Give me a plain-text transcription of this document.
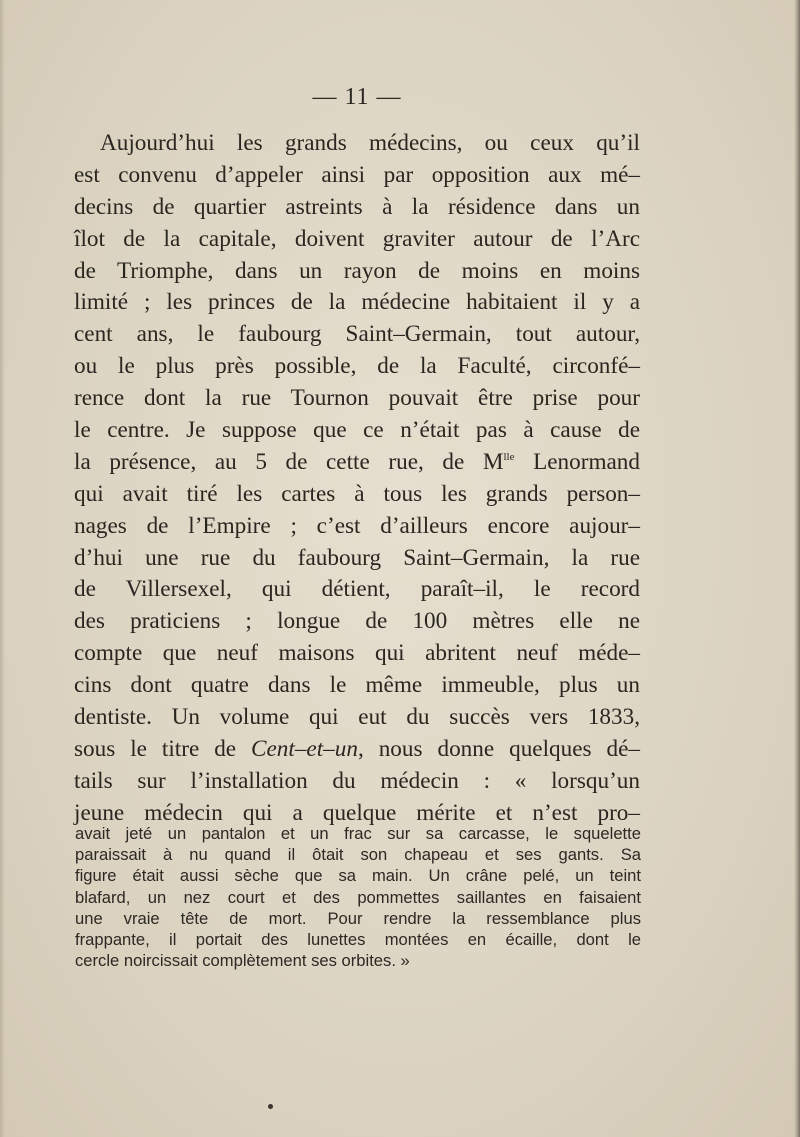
— 11 —
Aujourd’hui les grands médecins, ou ceux qu’il
est convenu d’appeler ainsi par opposition aux mé–
decins de quartier astreints à la résidence dans un
îlot de la capitale, doivent graviter autour de l’Arc
de Triomphe, dans un rayon de moins en moins
limité ; les princes de la médecine habitaient il y a
cent ans, le faubourg Saint–Germain, tout autour,
ou le plus près possible, de la Faculté, circonfé–
rence dont la rue Tournon pouvait être prise pour
le centre. Je suppose que ce n’était pas à cause de
la présence, au 5 de cette rue, de $M^{lle}$ Lenormand
qui avait tiré les cartes à tous les grands person–
nages de l’Empire ; c’est d’ailleurs encore aujour–
d’hui une rue du faubourg Saint–Germain, la rue
de Villersexel, qui détient, paraît–il, le record
des praticiens ; longue de 100 mètres elle ne
compte que neuf maisons qui abritent neuf méde–
cins dont quatre dans le même immeuble, plus un
dentiste. Un volume qui eut du succès vers 1833,
sous le titre de Cent–et–un, nous donne quelques dé–
tails sur l’installation du médecin : « lorsqu’un
jeune médecin qui a quelque mérite et n’est pro–
avait jeté un pantalon et un frac sur sa carcasse, le squelette
paraissait à nu quand il ôtait son chapeau et ses gants. Sa
figure était aussi sèche que sa main. Un crâne pelé, un teint
blafard, un nez court et des pommettes saillantes en faisaient
une vraie tête de mort. Pour rendre la ressemblance plus
frappante, il portait des lunettes montées en écaille, dont le
cercle noircissait complètement ses orbites. »
